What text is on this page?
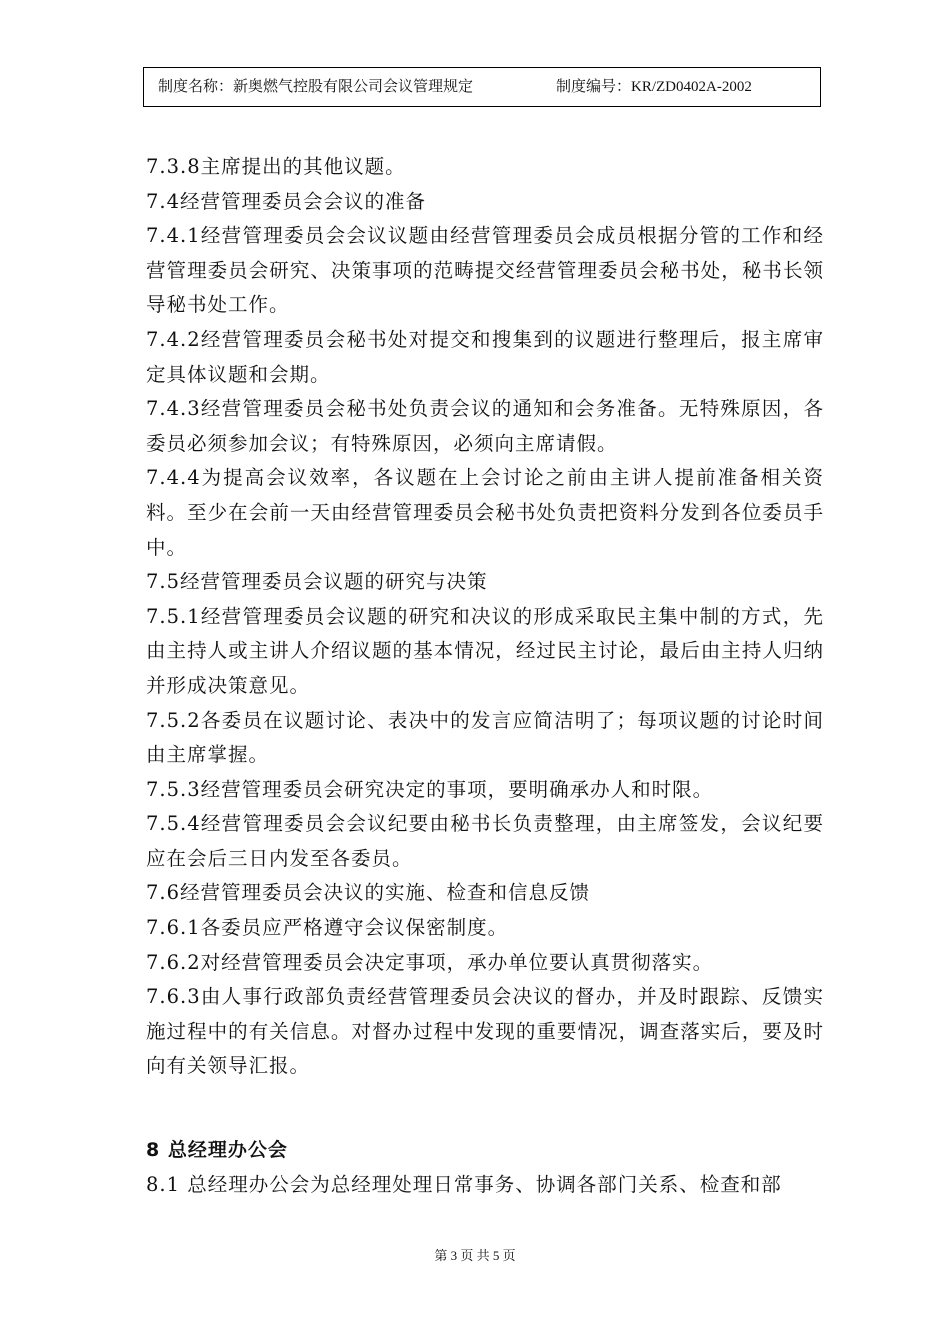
制度名称：新奥燃气控股有限公司会议管理规定	制度编号：KR/ZD0402A-2002

7.3.8主席提出的其他议题。

7.4经营管理委员会会议的准备

7.4.1经营管理委员会会议议题由经营管理委员会成员根据分管的工作和经营管理委员会研究、决策事项的范畴提交经营管理委员会秘书处，秘书长领导秘书处工作。

7.4.2经营管理委员会秘书处对提交和搜集到的议题进行整理后，报主席审定具体议题和会期。

7.4.3经营管理委员会秘书处负责会议的通知和会务准备。无特殊原因，各委员必须参加会议；有特殊原因，必须向主席请假。

7.4.4为提高会议效率，各议题在上会讨论之前由主讲人提前准备相关资料。至少在会前一天由经营管理委员会秘书处负责把资料分发到各位委员手中。

7.5经营管理委员会议题的研究与决策

7.5.1经营管理委员会议题的研究和决议的形成采取民主集中制的方式，先由主持人或主讲人介绍议题的基本情况，经过民主讨论，最后由主持人归纳并形成决策意见。

7.5.2各委员在议题讨论、表决中的发言应简洁明了；每项议题的讨论时间由主席掌握。

7.5.3经营管理委员会研究决定的事项，要明确承办人和时限。

7.5.4经营管理委员会会议纪要由秘书长负责整理，由主席签发，会议纪要应在会后三日内发至各委员。

7.6经营管理委员会决议的实施、检查和信息反馈

7.6.1各委员应严格遵守会议保密制度。

7.6.2对经营管理委员会决定事项，承办单位要认真贯彻落实。

7.6.3由人事行政部负责经营管理委员会决议的督办，并及时跟踪、反馈实施过程中的有关信息。对督办过程中发现的重要情况，调查落实后，要及时向有关领导汇报。

8 总经理办公会

8.1 总经理办公会为总经理处理日常事务、协调各部门关系、检查和部

第 3 页 共 5 页
